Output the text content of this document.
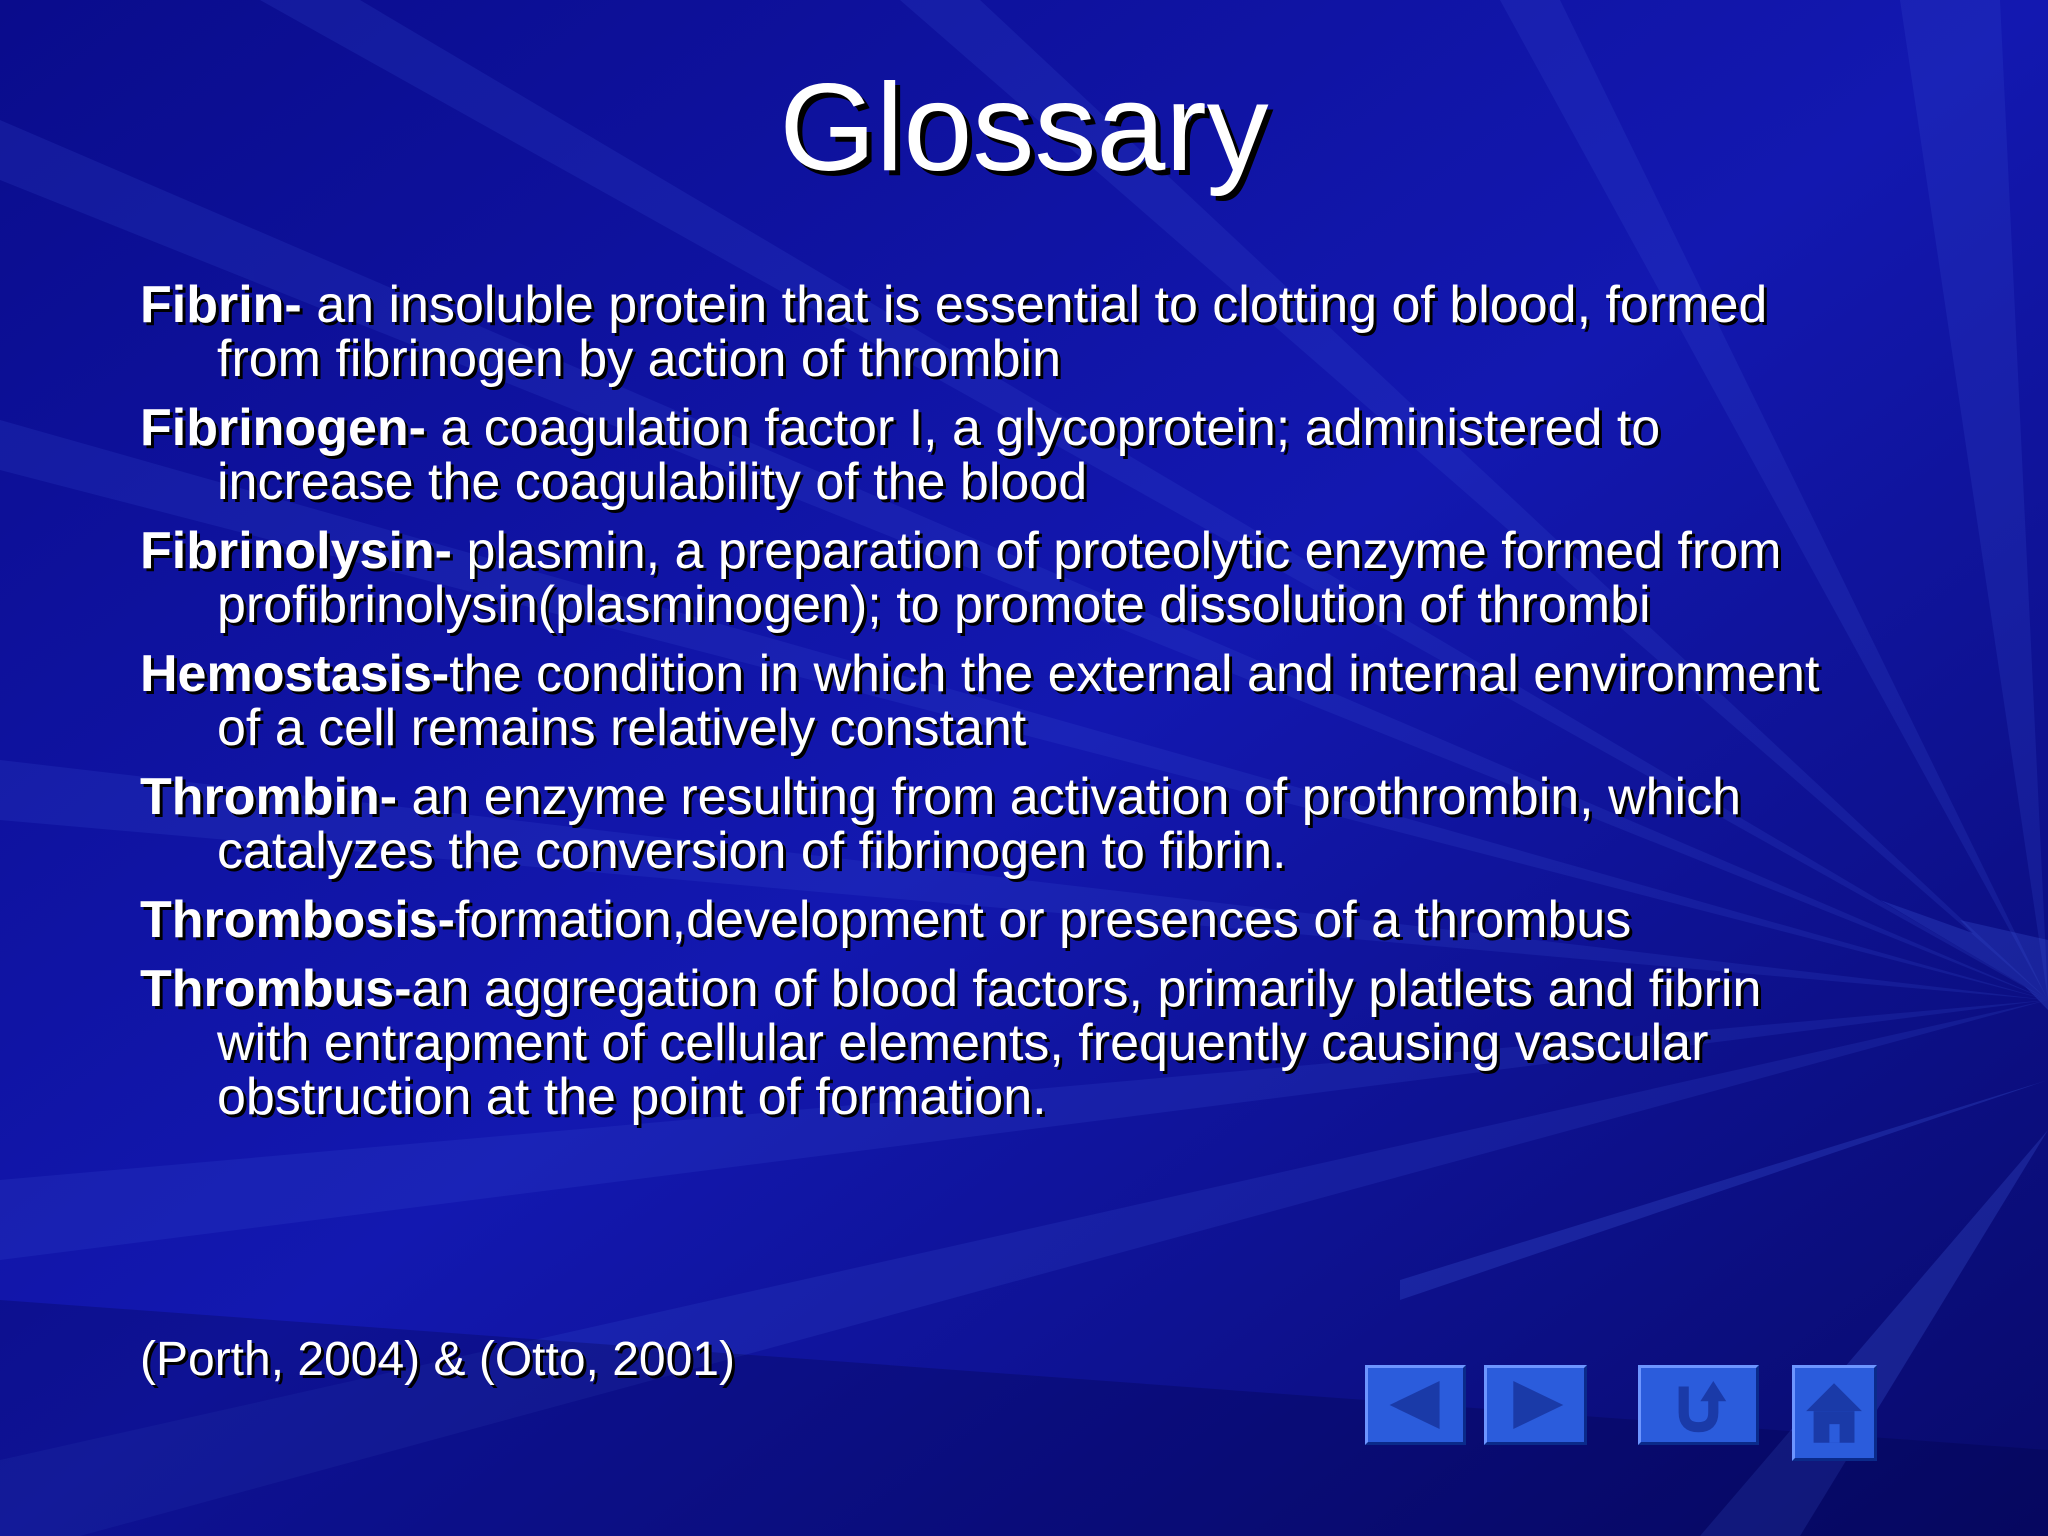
Glossary
Fibrin- an insoluble protein that is essential to clotting of blood, formed from fibrinogen by action of thrombin
Fibrinogen- a coagulation factor I, a glycoprotein; administered to increase the coagulability of the blood
Fibrinolysin- plasmin, a preparation of proteolytic enzyme formed from profibrinolysin(plasminogen); to promote dissolution of thrombi
Hemostasis-the condition in which the external and internal environment of a cell remains relatively constant
Thrombin- an enzyme resulting from activation of prothrombin, which catalyzes the conversion of fibrinogen to fibrin.
Thrombosis-formation,development or presences of a thrombus
Thrombus-an aggregation of blood factors, primarily platlets and fibrin with entrapment of cellular elements, frequently causing vascular obstruction at the point of formation.
(Porth, 2004) & (Otto, 2001)
